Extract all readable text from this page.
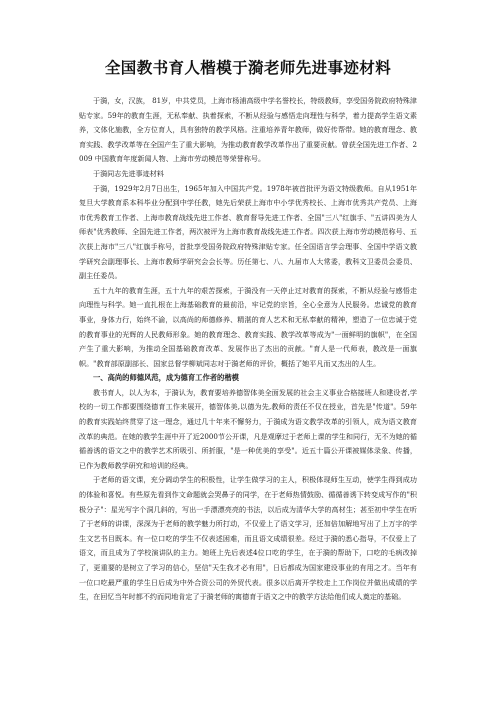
全国教书育人楷模于漪老师先进事迹材料

于漪，女，汉族， 81岁，中共党员，上海市杨浦高级中学名誉校长，特级教师，享受国务院政府特殊津贴专家。59年的教育生涯，无私奉献、执着探索，不断从经验与感悟走向理性与科学，着力提高学生语文素养，文体化施教，全方位育人，具有独特的教学风格。注重培养青年教师，做好传帮带。她的教育理念、教育实践、教学改革等在全国产生了重大影响，为推动教育教学改革作出了重要贡献。曾获全国先进工作者、2009 中国教育年度新闻人物、上海市劳动模范等荣誉称号。

于漪同志先进事迹材料

于漪，1929年2月7日出生，1965年加入中国共产党。1978年被首批评为语文特级教师。自从1951年复旦大学教育系本科毕业分配到中学任教，她先后荣获上海市中小学优秀校长、上海市优秀共产党员、上海市优秀教育工作者、上海市教育战线先进工作者、教育督导先进工作者、全国"三八"红旗手、"五讲四美为人师表"优秀教师、全国先进工作者，两次被评为上海市教育战线先进工作者。四次获上海市劳动模范称号、五次获上海市"三八"红旗手称号，首批享受国务院政府特殊津贴专家。任全国语言学会理事、全国中学语文教学研究会副理事长、上海市教师学研究会会长等。历任第七、八、九届市人大常委，教科文卫委员会委员、副主任委员。

五十九年的教育生涯，五十九年的艰苦探索，于漪没有一天停止过对教育的探索，不断从经验与感悟走向理性与科学。她一直扎根在上海基础教育的最前沿，牢记党的宗旨，全心全意为人民服务。忠诚党的教育事业，身体力行，始终不渝，以高尚的师德修养、精湛的育人艺术和无私奉献的精神，塑造了一位忠诚于党的教育事业的光辉的人民教师形象。她的教育理念、教育实践、教学改革等成为"一面鲜明的旗帜"，在全国产生了重大影响，为推动全国基础教育改革、发展作出了杰出的贡献。"育人是一代师表，教改是一面旗帜。"教育部原副部长、国家总督学柳斌同志对于漪老师的评价，概括了她平凡而又杰出的人生。

一、高尚的师德风范，成为德育工作者的楷模

教书育人，以人为本，于漪认为，教育要培养德智体美全面发展的社会主义事业合格接班人和建设者,学校的一切工作都要围绕德育工作来展开，德智体美,以德为先,教师的责任不仅在授业，首先是"传道"。59年的教育实践始终贯穿了这一理念，通过几十年来不懈努力，于漪成为语文教学改革的引领人，成为语文教育改革的典范。在她的教学生涯中开了近2000节公开课，凡是观摩过于老师上课的学生和同行，无不为她的循循善诱的语文之中的教学艺术所吸引、所折服，"是一种优美的享受"。近五十篇公开课被媒体录象、传播，已作为教师教学研究和培训的经典。

于老师的语文课，充分调动学生的积极性，让学生做学习的主人，积极体现师生互动，使学生得到成功的体验和喜悦。有些原先看到作文命题就会哭鼻子的同学，在于老师热情鼓励、循循善诱下转变成写作的"积极分子"：星光写字个洞几斜的，写出一手漂漂亮亮的书法，以后成为清华大学的高材生；甚至初中学生在听了于老师的讲课，深深为于老师的教学魅力所打动，不仅爱上了语文学习，还加倍加解地写出了上万字的学生文艺书目既本。有一位口吃的学生不仅表述困难，而且语文成绩很差。经过于漪的悉心指导，不仅爱上了语文，而且成为了学校演讲队的主力。她班上先后表述4位口吃的学生，在于漪的帮助下，口吃的毛病改掉了，更重要的是树立了学习的信心，坚信"天生我才必有用"，日后都成为国家建设事业的有用之才。当年有一位口吃最严重的学生日后成为中外合资公司的外贸代表。很多以后离开学校走上工作岗位并做出成绩的学生，在回忆当年时都不约而同地肯定了于漪老师的寓德育于语文之中的教学方法给他们成人奠定的基础。
